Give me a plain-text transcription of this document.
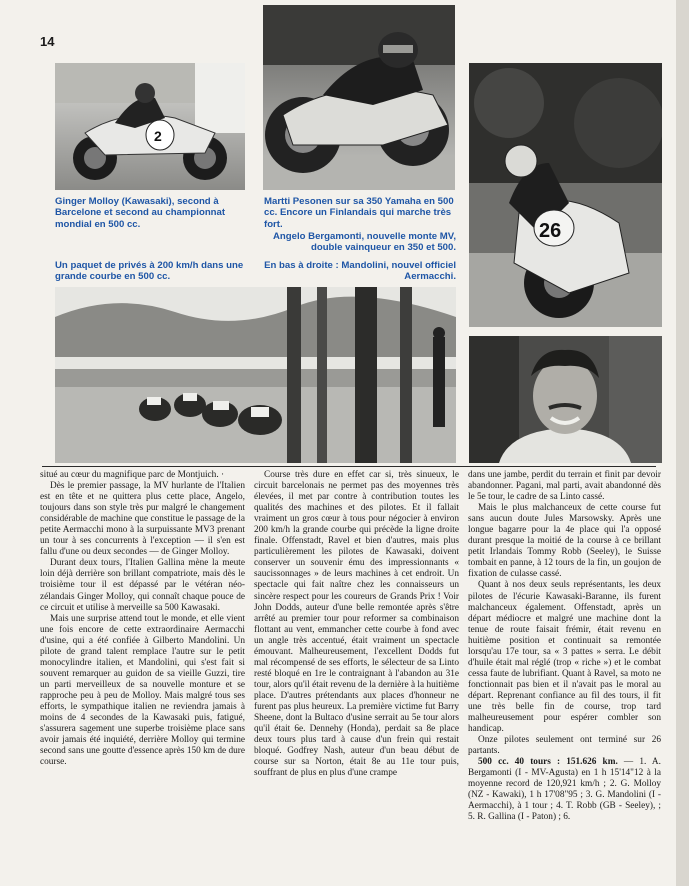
14
2
26
Ginger Molloy (Kawasaki), second à Barcelone et second au championnat mondial en 500 cc.
Martti Pesonen sur sa 350 Yamaha en 500 cc. Encore un Finlandais qui marche très fort.
Angelo Bergamonti, nouvelle monte MV, double vainqueur en 350 et 500.
Un paquet de privés à 200 km/h dans une grande courbe en 500 cc.
En bas à droite : Mandolini, nouvel officiel Aermacchi.

situé au cœur du magnifique parc de Montjuich. ·

Dès le premier passage, la MV hurlante de l'Italien est en tête et ne quittera plus cette place, Angelo, toujours dans son style très pur malgré le changement considérable de machine que constitue le passage de la petite Aermacchi mono à la surpuissante MV3 prenant un tour à ses concurrents à l'exception — il s'en est fallu d'une ou deux secondes — de Ginger Molloy.

Durant deux tours, l'Italien Gallina mène la meute loin déjà derrière son brillant compatriote, mais dès le troisième tour il est dépassé par le vétéran néo-zélandais Ginger Molloy, qui connaît chaque pouce de ce circuit et utilise à merveille sa 500 Kawasaki.

Mais une surprise attend tout le monde, et elle vient une fois encore de cette extraordinaire Aermacchi d'usine, qui a été confiée à Gilberto Mandolini. Un pilote de grand talent remplace l'autre sur le petit monocylindre italien, et Mandolini, qui s'est fait si souvent remarquer au guidon de sa vieille Guzzi, tire un parti merveilleux de sa nouvelle monture et se rapproche peu à peu de Molloy. Mais malgré tous ses efforts, le sympathique italien ne reviendra jamais à moins de 4 secondes de la Kawasaki puis, fatigué, s'assurera sagement une superbe troisième place sans avoir jamais été inquiété, derrière Molloy qui termine second sans une goutte d'essence après 150 km de dure course.

Course très dure en effet car si, très sinueux, le circuit barcelonais ne permet pas des moyennes très élevées, il met par contre à contribution toutes les qualités des machines et des pilotes. Et il fallait vraiment un gros cœur à tous pour négocier à environ 200 km/h la grande courbe qui précède la ligne droite finale. Offenstadt, Ravel et bien d'autres, mais plus particulièrement les pilotes de Kawasaki, doivent conserver un souvenir ému des impressionnants « saucissonnages » de leurs machines à cet endroit. Un spectacle qui fait naître chez les connaisseurs un sincère respect pour les coureurs de Grands Prix ! Voir John Dodds, auteur d'une belle remontée après s'être arrêté au premier tour pour reformer sa combinaison flottant au vent, emmancher cette courbe à fond avec un angle très accentué, était vraiment un spectacle émouvant. Malheureusement, l'excellent Dodds fut mal récompensé de ses efforts, le sélecteur de sa Linto resté bloqué en 1re le contraignant à l'abandon au 31e tour, alors qu'il était revenu de la dernière à la huitième place. D'autres prétendants aux places d'honneur ne furent pas plus heureux. La première victime fut Barry Sheene, dont la Bultaco d'usine serrait au 5e tour alors qu'il était 6e. Dennehy (Honda), perdait sa 8e place deux tours plus tard à cause d'un frein qui restait bloqué. Godfrey Nash, auteur d'un beau début de course sur sa Norton, était 8e au 11e tour puis, souffrant de plus en plus d'une crampe

dans une jambe, perdit du terrain et finit par devoir abandonner. Pagani, mal parti, avait abandonné dès le 5e tour, le cadre de sa Linto cassé.

Mais le plus malchanceux de cette course fut sans aucun doute Jules Marsowsky. Après une longue bagarre pour la 4e place qui l'a opposé durant presque la moitié de la course à ce brillant petit Irlandais Tommy Robb (Seeley), le Suisse tombait en panne, à 12 tours de la fin, un goujon de fixation de culasse cassé.

Quant à nos deux seuls représentants, les deux pilotes de l'écurie Kawasaki-Baranne, ils furent malchanceux également. Offenstadt, après un départ médiocre et malgré une machine dont la tenue de route faisait frémir, était revenu en huitième position et continuait sa remontée lorsqu'au 17e tour, sa « 3 pattes » serra. Le débit d'huile était mal réglé (trop « riche ») et le combat cessa faute de lubrifiant. Quant à Ravel, sa moto ne fonctionnait pas bien et il n'avait pas le moral au départ. Reprenant confiance au fil des tours, il fit une très belle fin de course, trop tard malheureusement pour espérer combler son handicap.

Onze pilotes seulement ont terminé sur 26 partants.

500 cc. 40 tours : 151.626 km. — 1. A. Bergamonti (I - MV-Agusta) en 1 h 15'14"12 à la moyenne record de 120,921 km/h ; 2. G. Molloy (NZ - Kawaki), 1 h 17'08"95 ; 3. G. Mandolini (I - Aermacchi), à 1 tour ; 4. T. Robb (GB - Seeley), ; 5. R. Gallina (I - Paton) ; 6.
